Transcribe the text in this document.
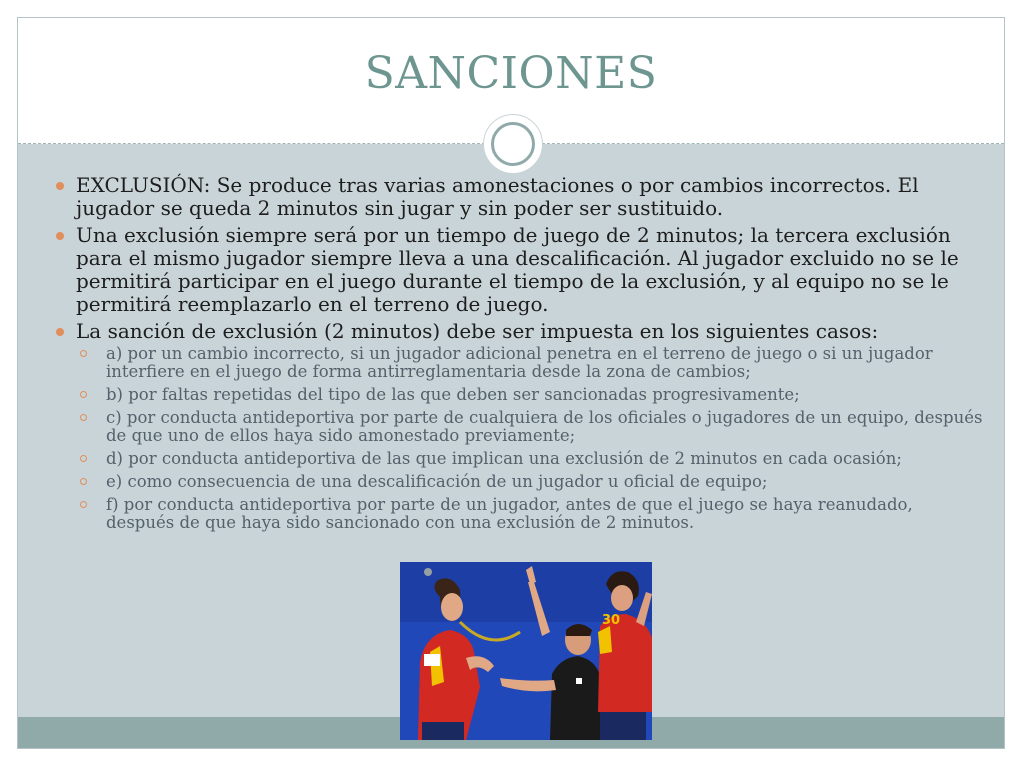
SANCIONES
EXCLUSIÓN: Se produce tras varias amonestaciones o por cambios incorrectos. El jugador se queda 2 minutos sin jugar y sin poder ser sustituido.
Una exclusión siempre será por un tiempo de juego de 2 minutos; la tercera exclusión para el mismo jugador siempre lleva a una descalificación. Al jugador excluido no se le permitirá participar en el juego durante el tiempo de la exclusión, y al equipo no se le permitirá reemplazarlo en el terreno de juego.
La sanción de exclusión (2 minutos) debe ser impuesta en los siguientes casos:
a) por un cambio incorrecto, si un jugador adicional penetra en el terreno de juego o si un jugador interfiere en el juego de forma antirreglamentaria desde la zona de cambios;
b) por faltas repetidas del tipo de las que deben ser sancionadas progresivamente;
c) por conducta antideportiva por parte de cualquiera de los oficiales o jugadores de un equipo, después de que uno de ellos haya sido amonestado previamente;
d) por conducta antideportiva de las que implican una exclusión de 2 minutos en cada ocasión;
e) como consecuencia de una descalificación de un jugador u oficial de equipo;
f) por conducta antideportiva por parte de un jugador, antes de que el juego se haya reanudado, después de que haya sido sancionado con una exclusión de 2 minutos.
30
